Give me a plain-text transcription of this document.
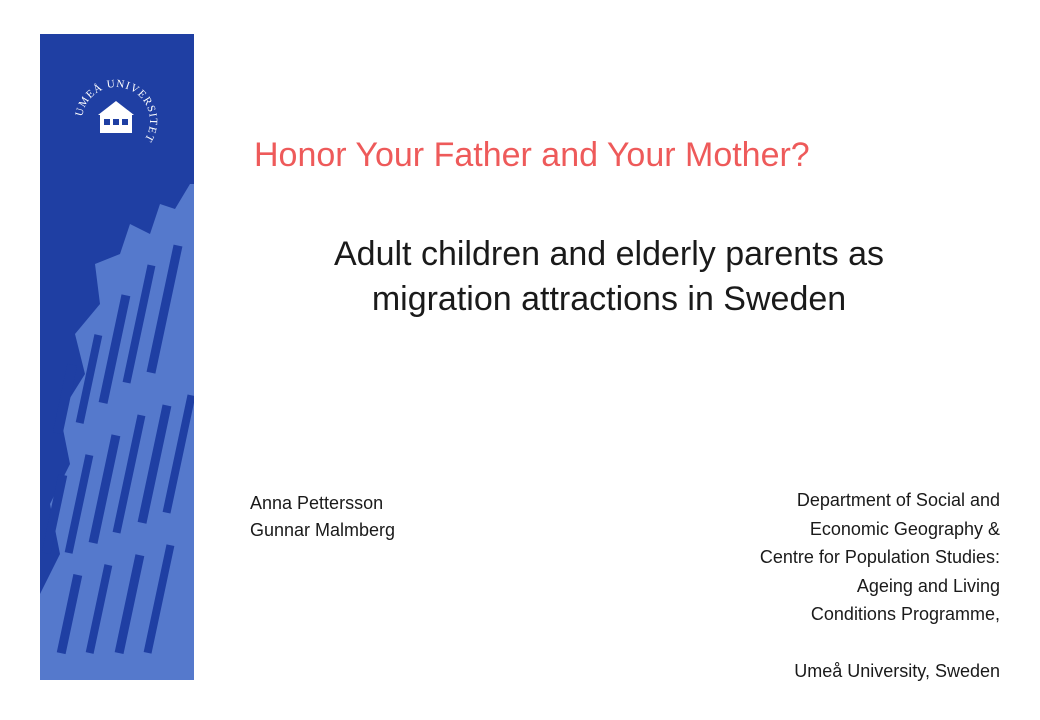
UMEÅ UNIVERSITET	Honor Your Father and Your Mother?
Adult children and elderly parents as
migration attractions in Sweden
Anna Pettersson
Gunnar Malmberg
Department of Social and
Economic Geography &
Centre for Population Studies:
Ageing and Living
Conditions Programme,
Umeå University, Sweden
